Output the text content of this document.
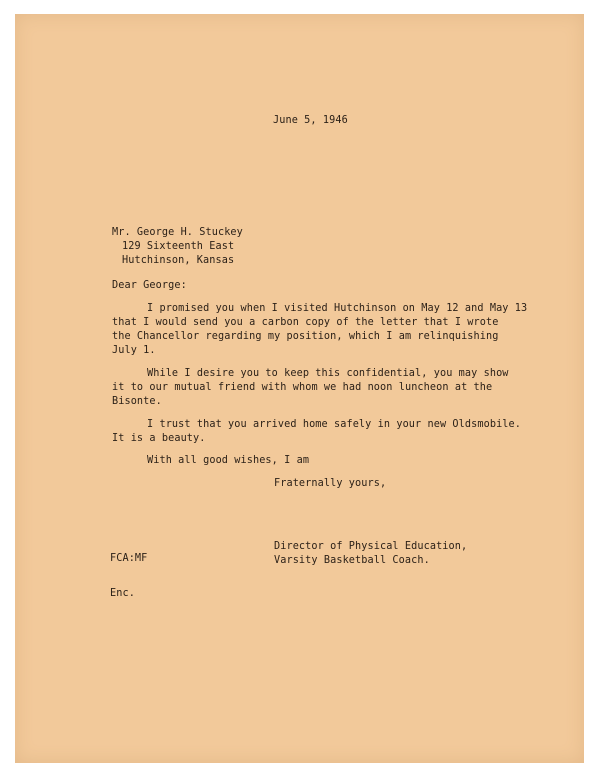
June 5, 1946
Mr. George H. Stuckey
129 Sixteenth East
Hutchinson, Kansas
Dear George:
I promised you when I visited Hutchinson on May 12 and May 13
that I would send you a carbon copy of the letter that I wrote
the Chancellor regarding my position, which I am relinquishing
July 1.
While I desire you to keep this confidential, you may show
it to our mutual friend with whom we had noon luncheon at the
Bisonte.
I trust that you arrived home safely in your new Oldsmobile.
It is a beauty.
With all good wishes, I am
Fraternally yours,
Director of Physical Education,
Varsity Basketball Coach.
FCA:MF
Enc.
